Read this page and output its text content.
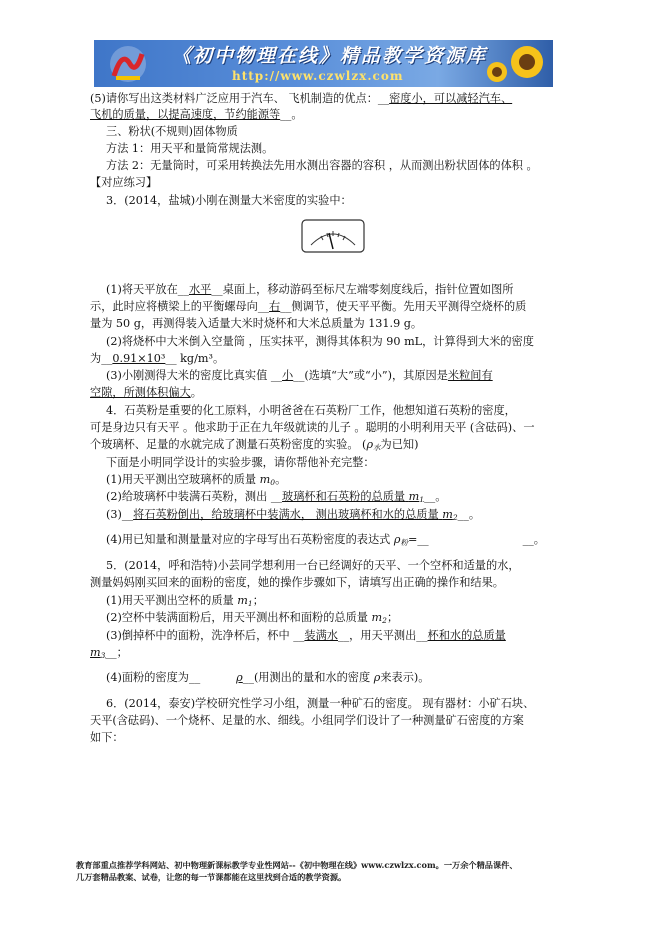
《初中物理在线》精品教学资源库
http://www.czwlzx.com
(5)请你写出这类材料广泛应用于汽车、 飞机制造的优点：__密度小，可以减轻汽车、
飞机的质量，以提高速度，节约能源等__。
三、粉状(不规则)固体物质
方法 1：用天平和量筒常规法测。
方法 2：无量筒时，可采用转换法先用水测出容器的容积 ，从而测出粉状固体的体积 。
【对应练习】
3．(2014，盐城)小刚在测量大米密度的实验中：
(1)将天平放在__水平__桌面上，移动游码至标尺左端零刻度线后，指针位置如图所
示，此时应将横梁上的平衡螺母向__右__侧调节，使天平平衡。先用天平测得空烧杯的质
量为 50 g，再测得装入适量大米时烧杯和大米总质量为 131.9 g。
(2)将烧杯中大米倒入空量筒 ，压实抹平，测得其体积为 90 mL，计算得到大米的密度
为__0.91×10³__ kg/m³。
(3)小刚测得大米的密度比真实值 __小__(选填“大”或“小”)，其原因是米粒间有
空隙，所测体积偏大。
4．石英粉是重要的化工原料，小明爸爸在石英粉厂工作，他想知道石英粉的密度，
可是身边只有天平 。他求助于正在九年级就读的儿子 。聪明的小明利用天平 (含砝码)、一
个玻璃杯、足量的水就完成了测量石英粉密度的实验。 ($\rho_水$为已知)
下面是小明同学设计的实验步骤，请你帮他补充完整：
(1)用天平测出空玻璃杯的质量 $m_0$。
(2)给玻璃杯中装满石英粉，测出 __玻璃杯和石英粉的总质量 $m_1\_\_$。
(3)__将石英粉倒出，给玻璃杯中装满水， 测出玻璃杯和水的总质量 $m_2\_\_$。
(4)用已知量和测量量对应的字母写出石英粉密度的表达式 $\rho_粉=\_\_$	__。
5．(2014，呼和浩特)小芸同学想利用一台已经调好的天平、一个空杯和适量的水，
测量妈妈刚买回来的面粉的密度，她的操作步骤如下，请填写出正确的操作和结果。
(1)用天平测出空杯的质量 $m_1$；
(2)空杯中装满面粉后，用天平测出杯和面粉的总质量 $m_2$；
(3)倒掉杯中的面粉，洗净杯后，杯中 __装满水__，用天平测出__杯和水的总质量
$m_3\_\_$；
(4)面粉的密度为__	ρ__(用测出的量和水的密度 ρ来表示)。
6．(2014，泰安)学校研究性学习小组，测量一种矿石的密度。 现有器材：小矿石块、
天平(含砝码)、一个烧杯、足量的水、细线。小组同学们设计了一种测量矿石密度的方案
如下：
教育部重点推荐学科网站、初中物理新课标教学专业性网站--《初中物理在线》www.czwlzx.com。一万余个精品课件、
几万套精品教案、试卷，让您的每一节课都能在这里找到合适的教学资源。
